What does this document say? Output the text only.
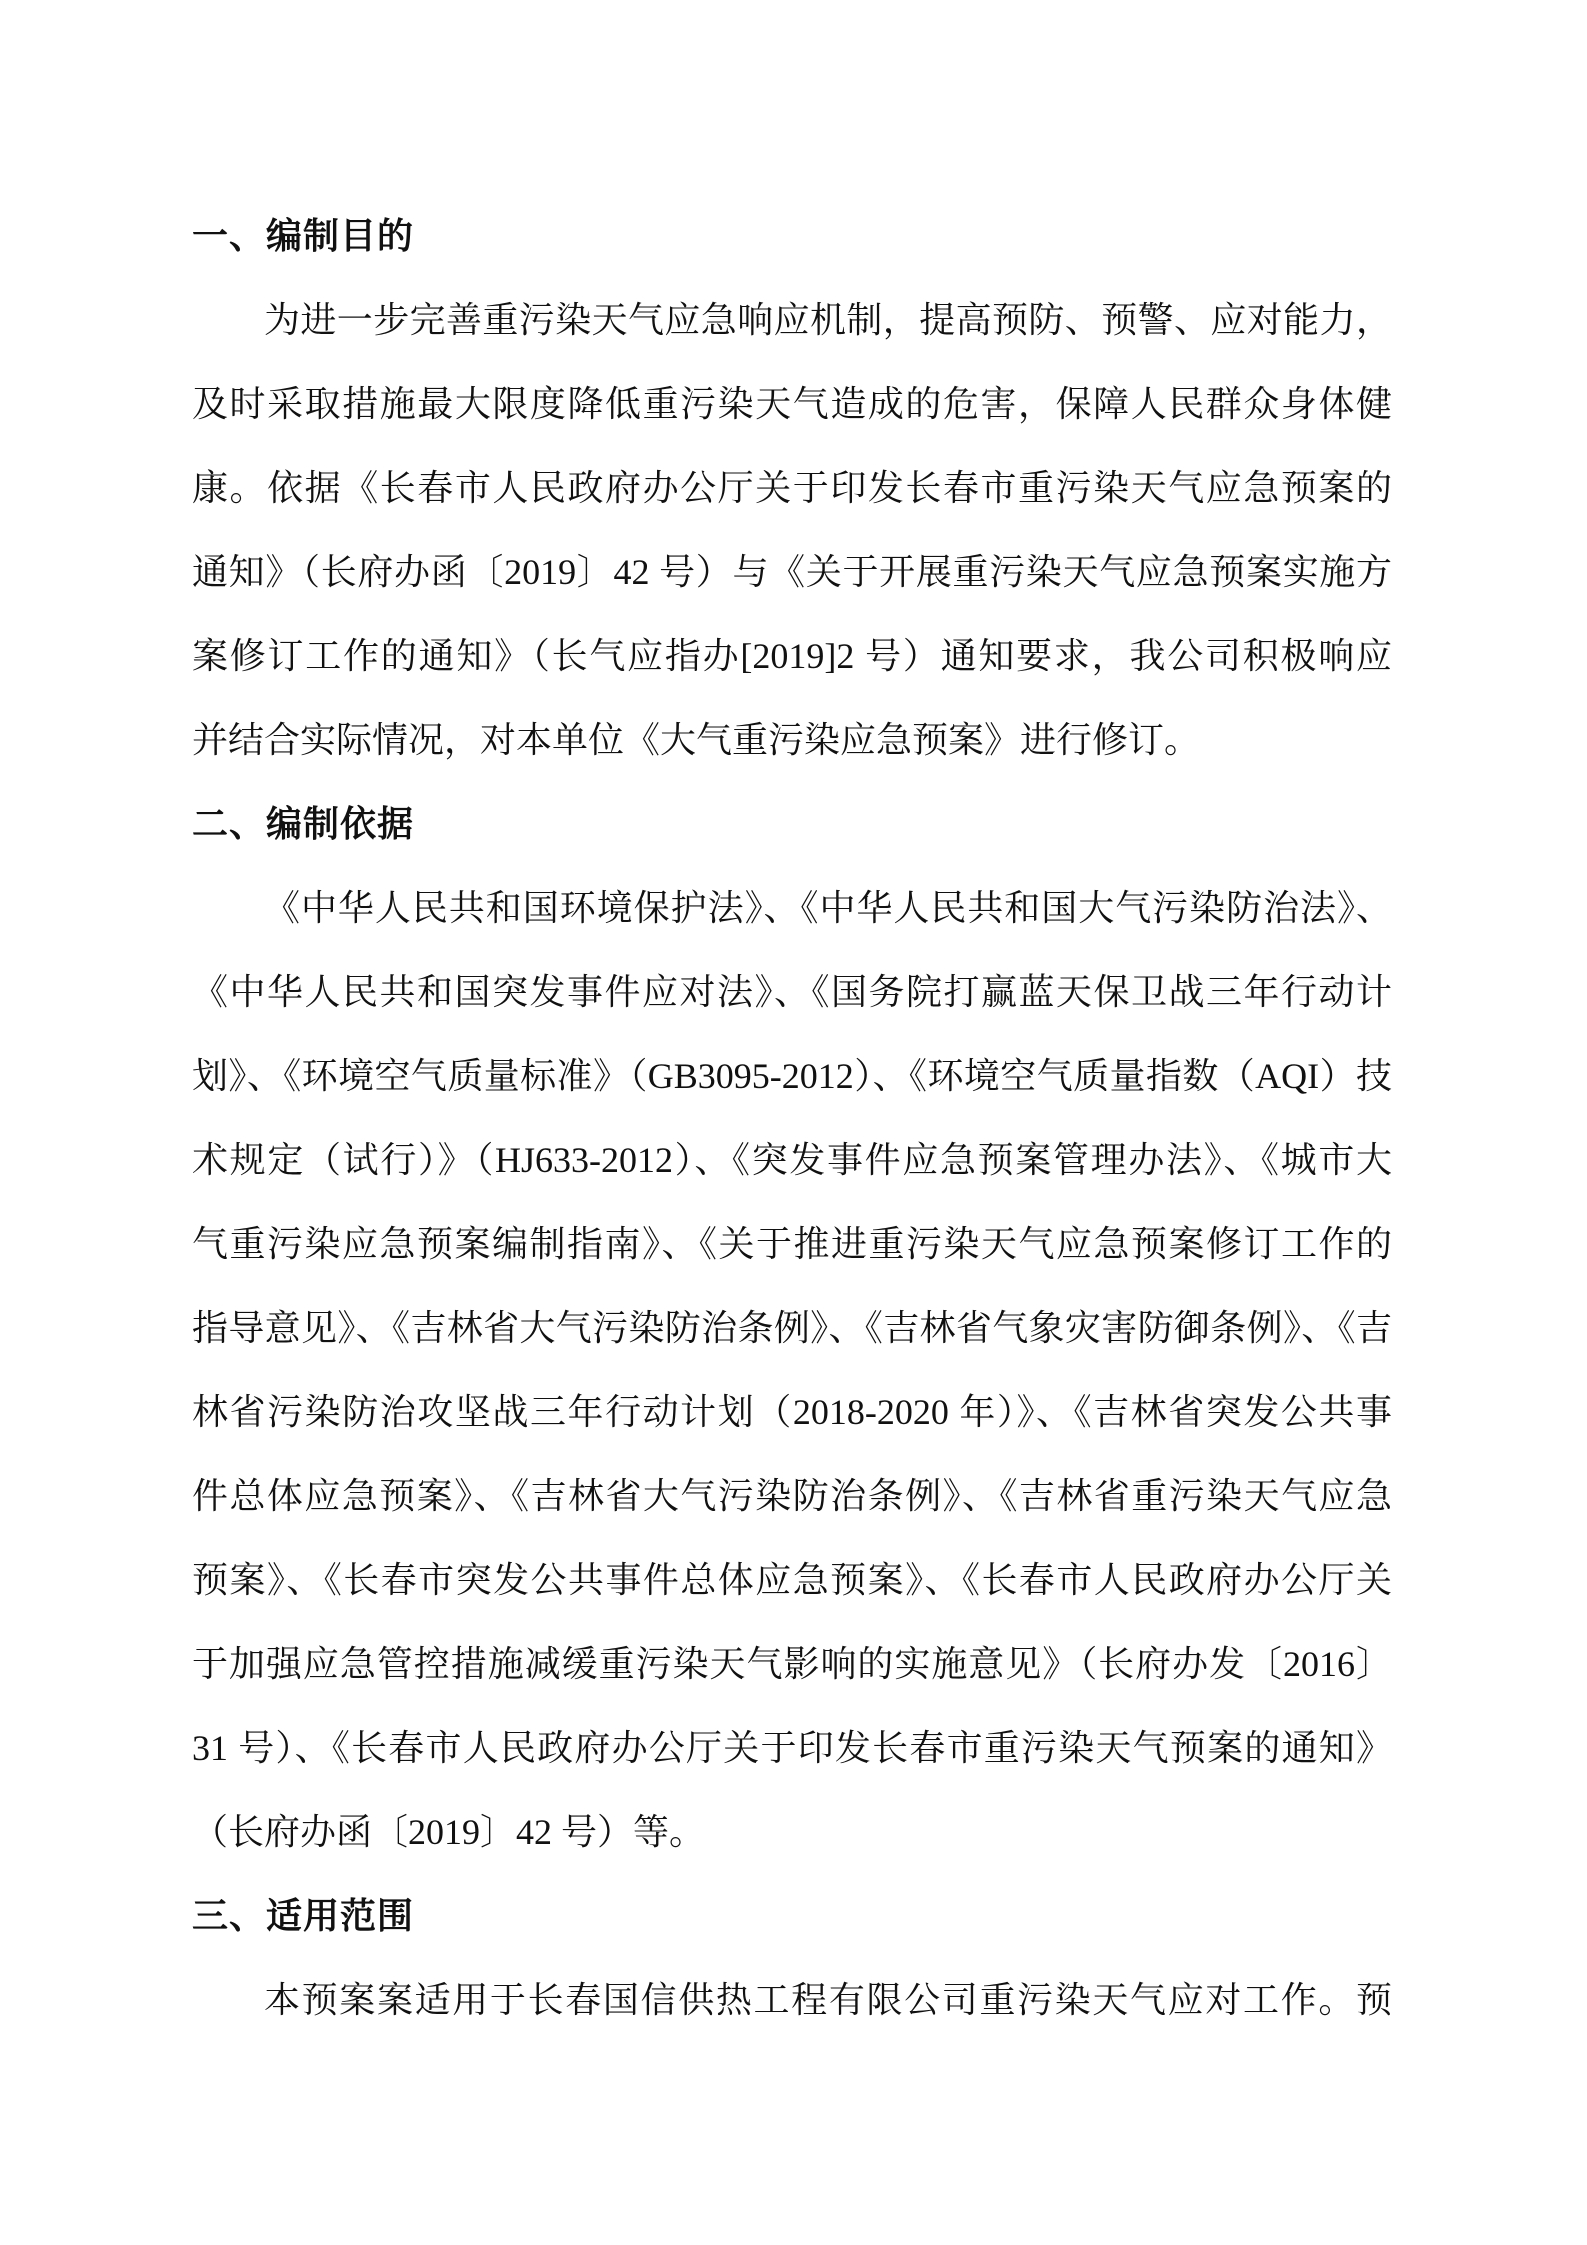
一、编制目的
为进一步完善重污染天气应急响应机制，提高预防、预警、应对能力，
及时采取措施最大限度降低重污染天气造成的危害，保障人民群众身体健
康。依据《长春市人民政府办公厅关于印发长春市重污染天气应急预案的
通知》（长府办函〔2019〕42 号）与《关于开展重污染天气应急预案实施方
案修订工作的通知》（长气应指办[2019]2 号）通知要求，我公司积极响应
并结合实际情况，对本单位《大气重污染应急预案》进行修订。
二、编制依据
《中华人民共和国环境保护法》、《中华人民共和国大气污染防治法》、
《中华人民共和国突发事件应对法》、《国务院打赢蓝天保卫战三年行动计
划》、《环境空气质量标准》（GB3095-2012）、《环境空气质量指数（AQI）技
术规定（试行）》（HJ633-2012）、《突发事件应急预案管理办法》、《城市大
气重污染应急预案编制指南》、《关于推进重污染天气应急预案修订工作的
指导意见》、《吉林省大气污染防治条例》、《吉林省气象灾害防御条例》、《吉
林省污染防治攻坚战三年行动计划（2018-2020 年）》、《吉林省突发公共事
件总体应急预案》、《吉林省大气污染防治条例》、《吉林省重污染天气应急
预案》、《长春市突发公共事件总体应急预案》、《长春市人民政府办公厅关
于加强应急管控措施减缓重污染天气影响的实施意见》（长府办发〔2016〕
31 号）、《长春市人民政府办公厅关于印发长春市重污染天气预案的通知》
（长府办函〔2019〕42 号）等。
三、适用范围
本预案案适用于长春国信供热工程有限公司重污染天气应对工作。预
